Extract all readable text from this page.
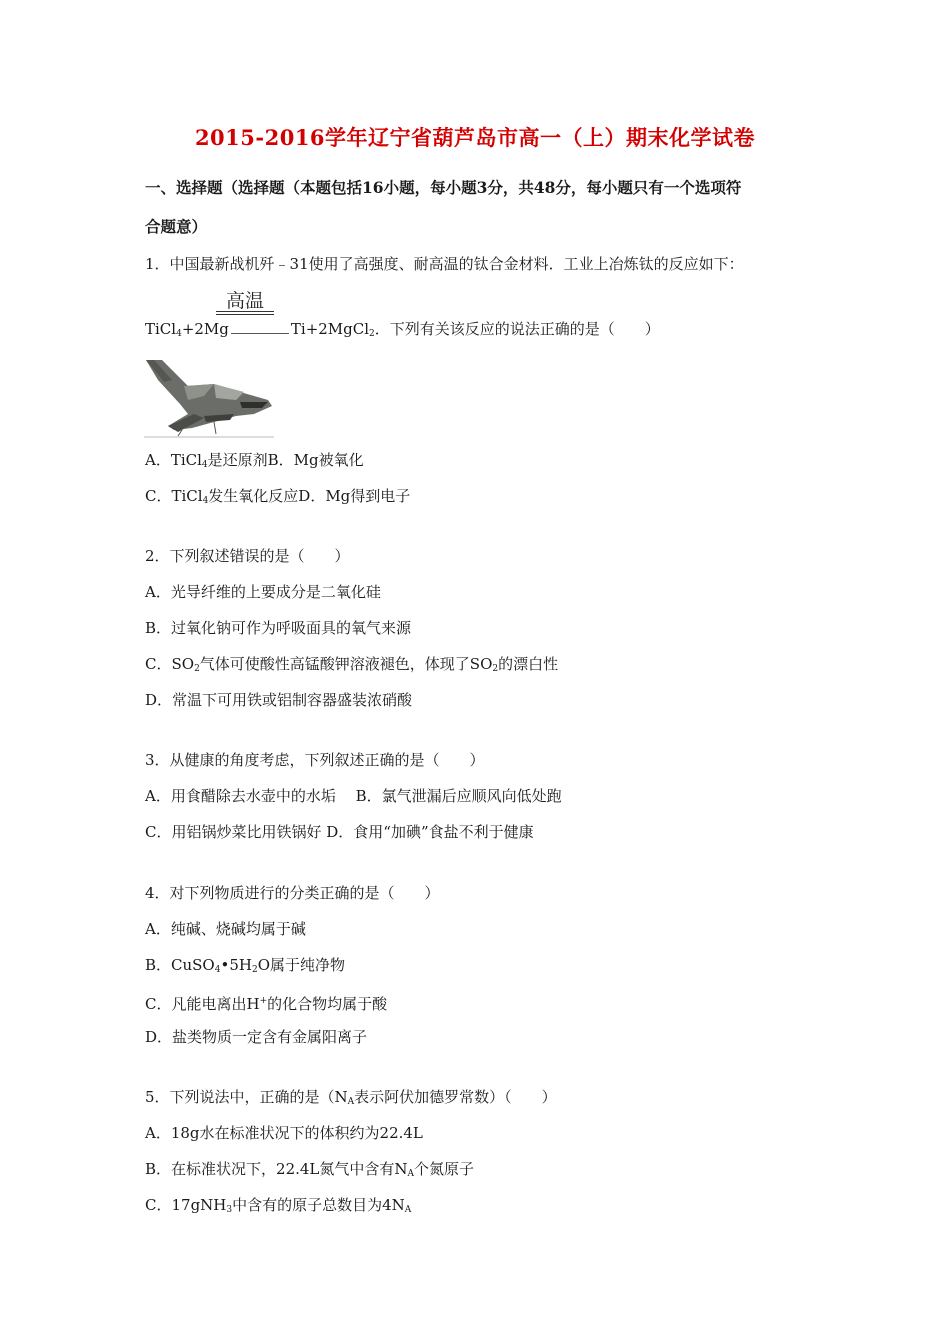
2015-2016学年辽宁省葫芦岛市高一（上）期末化学试卷
一、选择题（选择题（本题包括16小题，每小题3分，共48分，每小题只有一个选项符
合题意）
1．中国最新战机歼﹣31使用了高强度、耐高温的钛合金材料．工业上冶炼钛的反应如下：
高温
TiCl$_4$+2Mg	Ti+2MgCl$_2$．下列有关该反应的说法正确的是（　　）
A．TiCl$_4$是还原剂B．Mg被氧化
C．TiCl$_4$发生氧化反应D．Mg得到电子
2．下列叙述错误的是（　　）
A．光导纤维的上要成分是二氧化硅
B．过氧化钠可作为呼吸面具的氧气来源
C．$SO_2$气体可使酸性高锰酸钾溶液褪色，体现了$SO_2$的漂白性
D．常温下可用铁或铝制容器盛装浓硝酸
3．从健康的角度考虑，下列叙述正确的是（　　）
A．用食醋除去水壶中的水垢　 B．氯气泄漏后应顺风向低处跑
C．用铝锅炒菜比用铁锅好 D．食用“加碘”食盐不利于健康
4．对下列物质进行的分类正确的是（　　）
A．纯碱、烧碱均属于碱
B．$CuSO_4•5H_2O$属于纯净物
C．凡能电离出H+的化合物均属于酸
D．盐类物质一定含有金属阳离子
5．下列说法中，正确的是（$N_A$表示阿伏加德罗常数）（　　）
A．18g水在标准状况下的体积约为22.4L
B．在标准状况下，22.4L氮气中含有$N_A$个氮原子
C．17gNH$_3$中含有的原子总数目为$4N_A$
